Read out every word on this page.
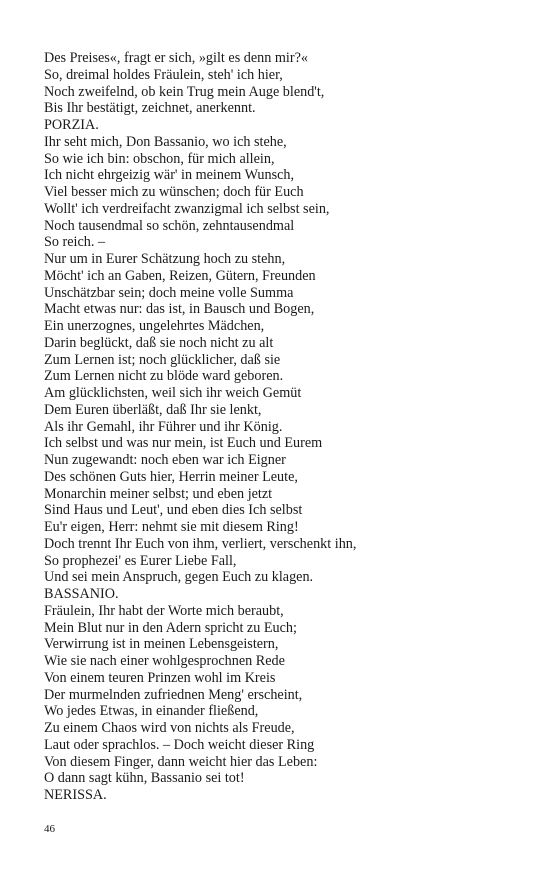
Des Preises«, fragt er sich, »gilt es denn mir?«
So, dreimal holdes Fräulein, steh' ich hier,
Noch zweifelnd, ob kein Trug mein Auge blend't,
Bis Ihr bestätigt, zeichnet, anerkennt.
PORZIA.
Ihr seht mich, Don Bassanio, wo ich stehe,
So wie ich bin: obschon, für mich allein,
Ich nicht ehrgeizig wär' in meinem Wunsch,
Viel besser mich zu wünschen; doch für Euch
Wollt' ich verdreifacht zwanzigmal ich selbst sein,
Noch tausendmal so schön, zehntausendmal
So reich. –
Nur um in Eurer Schätzung hoch zu stehn,
Möcht' ich an Gaben, Reizen, Gütern, Freunden
Unschätzbar sein; doch meine volle Summa
Macht etwas nur: das ist, in Bausch und Bogen,
Ein unerzognes, ungelehrtes Mädchen,
Darin beglückt, daß sie noch nicht zu alt
Zum Lernen ist; noch glücklicher, daß sie
Zum Lernen nicht zu blöde ward geboren.
Am glücklichsten, weil sich ihr weich Gemüt
Dem Euren überläßt, daß Ihr sie lenkt,
Als ihr Gemahl, ihr Führer und ihr König.
Ich selbst und was nur mein, ist Euch und Eurem
Nun zugewandt: noch eben war ich Eigner
Des schönen Guts hier, Herrin meiner Leute,
Monarchin meiner selbst; und eben jetzt
Sind Haus und Leut', und eben dies Ich selbst
Eu'r eigen, Herr: nehmt sie mit diesem Ring!
Doch trennt Ihr Euch von ihm, verliert, verschenkt ihn,
So prophezei' es Eurer Liebe Fall,
Und sei mein Anspruch, gegen Euch zu klagen.
BASSANIO.
Fräulein, Ihr habt der Worte mich beraubt,
Mein Blut nur in den Adern spricht zu Euch;
Verwirrung ist in meinen Lebensgeistern,
Wie sie nach einer wohlgesprochnen Rede
Von einem teuren Prinzen wohl im Kreis
Der murmelnden zufriednen Meng' erscheint,
Wo jedes Etwas, in einander fließend,
Zu einem Chaos wird von nichts als Freude,
Laut oder sprachlos. – Doch weicht dieser Ring
Von diesem Finger, dann weicht hier das Leben:
O dann sagt kühn, Bassanio sei tot!
NERISSA.
46
